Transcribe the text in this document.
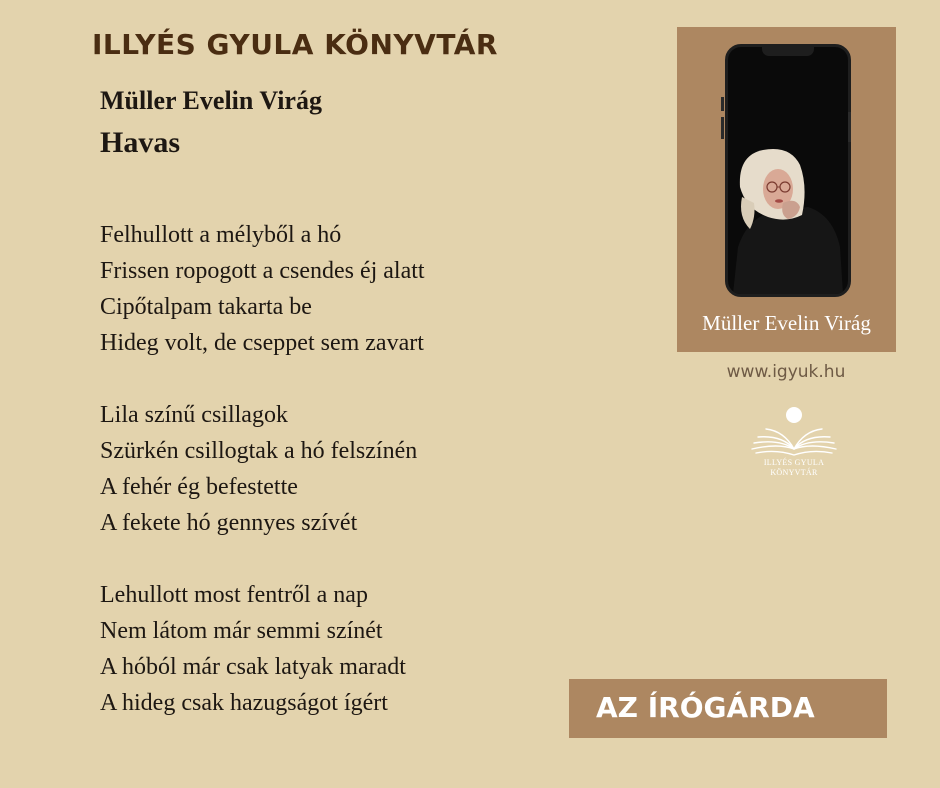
ILLYÉS GYULA KÖNYVTÁR
Müller Evelin Virág
Havas
Felhullott a mélyből a hó
Frissen ropogott a csendes éj alatt
Cipőtalpam takarta be
Hideg volt, de cseppet sem zavart
Lila színű csillagok
Szürkén csillogtak a hó felszínén
A fehér ég befestette
A fekete hó gennyes szívét
Lehullott most fentről a nap
Nem látom már semmi színét
A hóból már csak latyak maradt
A hideg csak hazugságot ígért
Müller Evelin Virág
www.igyuk.hu
ILLYÉS GYULA
KÖNYVTÁR
AZ ÍRÓGÁRDA
